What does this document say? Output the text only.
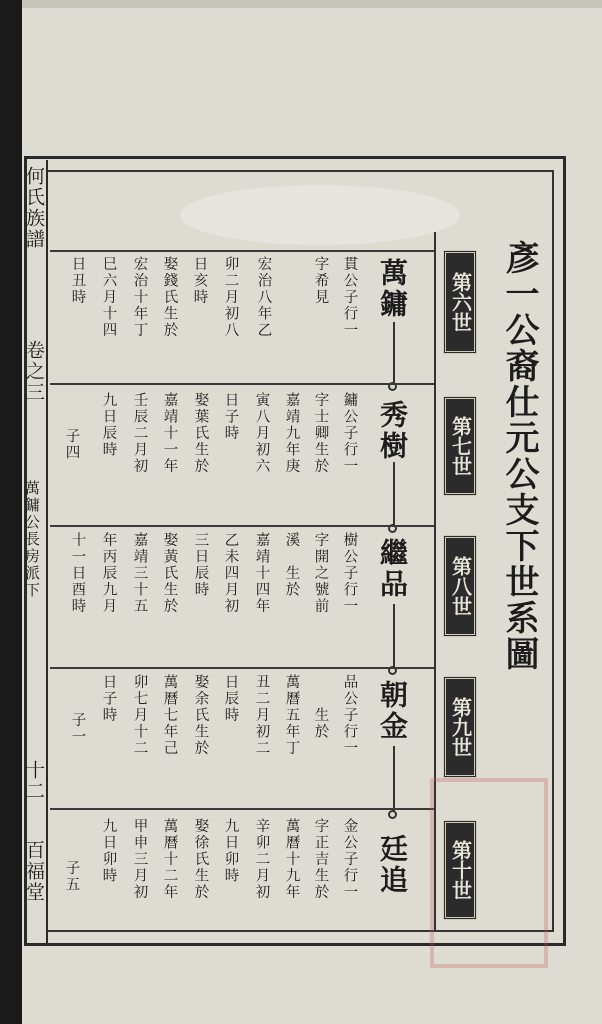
何氏族譜
卷之三
萬鏞公長房派下
十二
百福堂
彥一公裔仕元公支下世系圖
第六世
第七世
第八世
第九世
第十世
萬鏞
秀樹
繼品
朝金
廷追
貫公子行一
字希見
宏治八年乙
卯二月初八
日亥時
娶錢氏生於
宏治十年丁
巳六月十四
日丑時
鏞公子行一
字士卿生於
嘉靖九年庚
寅八月初六
日子時
娶葉氏生於
嘉靖十一年
壬辰二月初
九日辰時
子四
樹公子行一
字開之號前
溪　生於
嘉靖十四年
乙未四月初
三日辰時
娶黃氏生於
嘉靖三十五
年丙辰九月
十一日酉時
品公子行一
　　生於
萬曆五年丁
丑二月初二
日辰時
娶余氏生於
萬曆七年己
卯七月十二
日子時
子一
金公子行一
字正吉生於
萬曆十九年
辛卯二月初
九日卯時
娶徐氏生於
萬曆十二年
甲申三月初
九日卯時
子五
